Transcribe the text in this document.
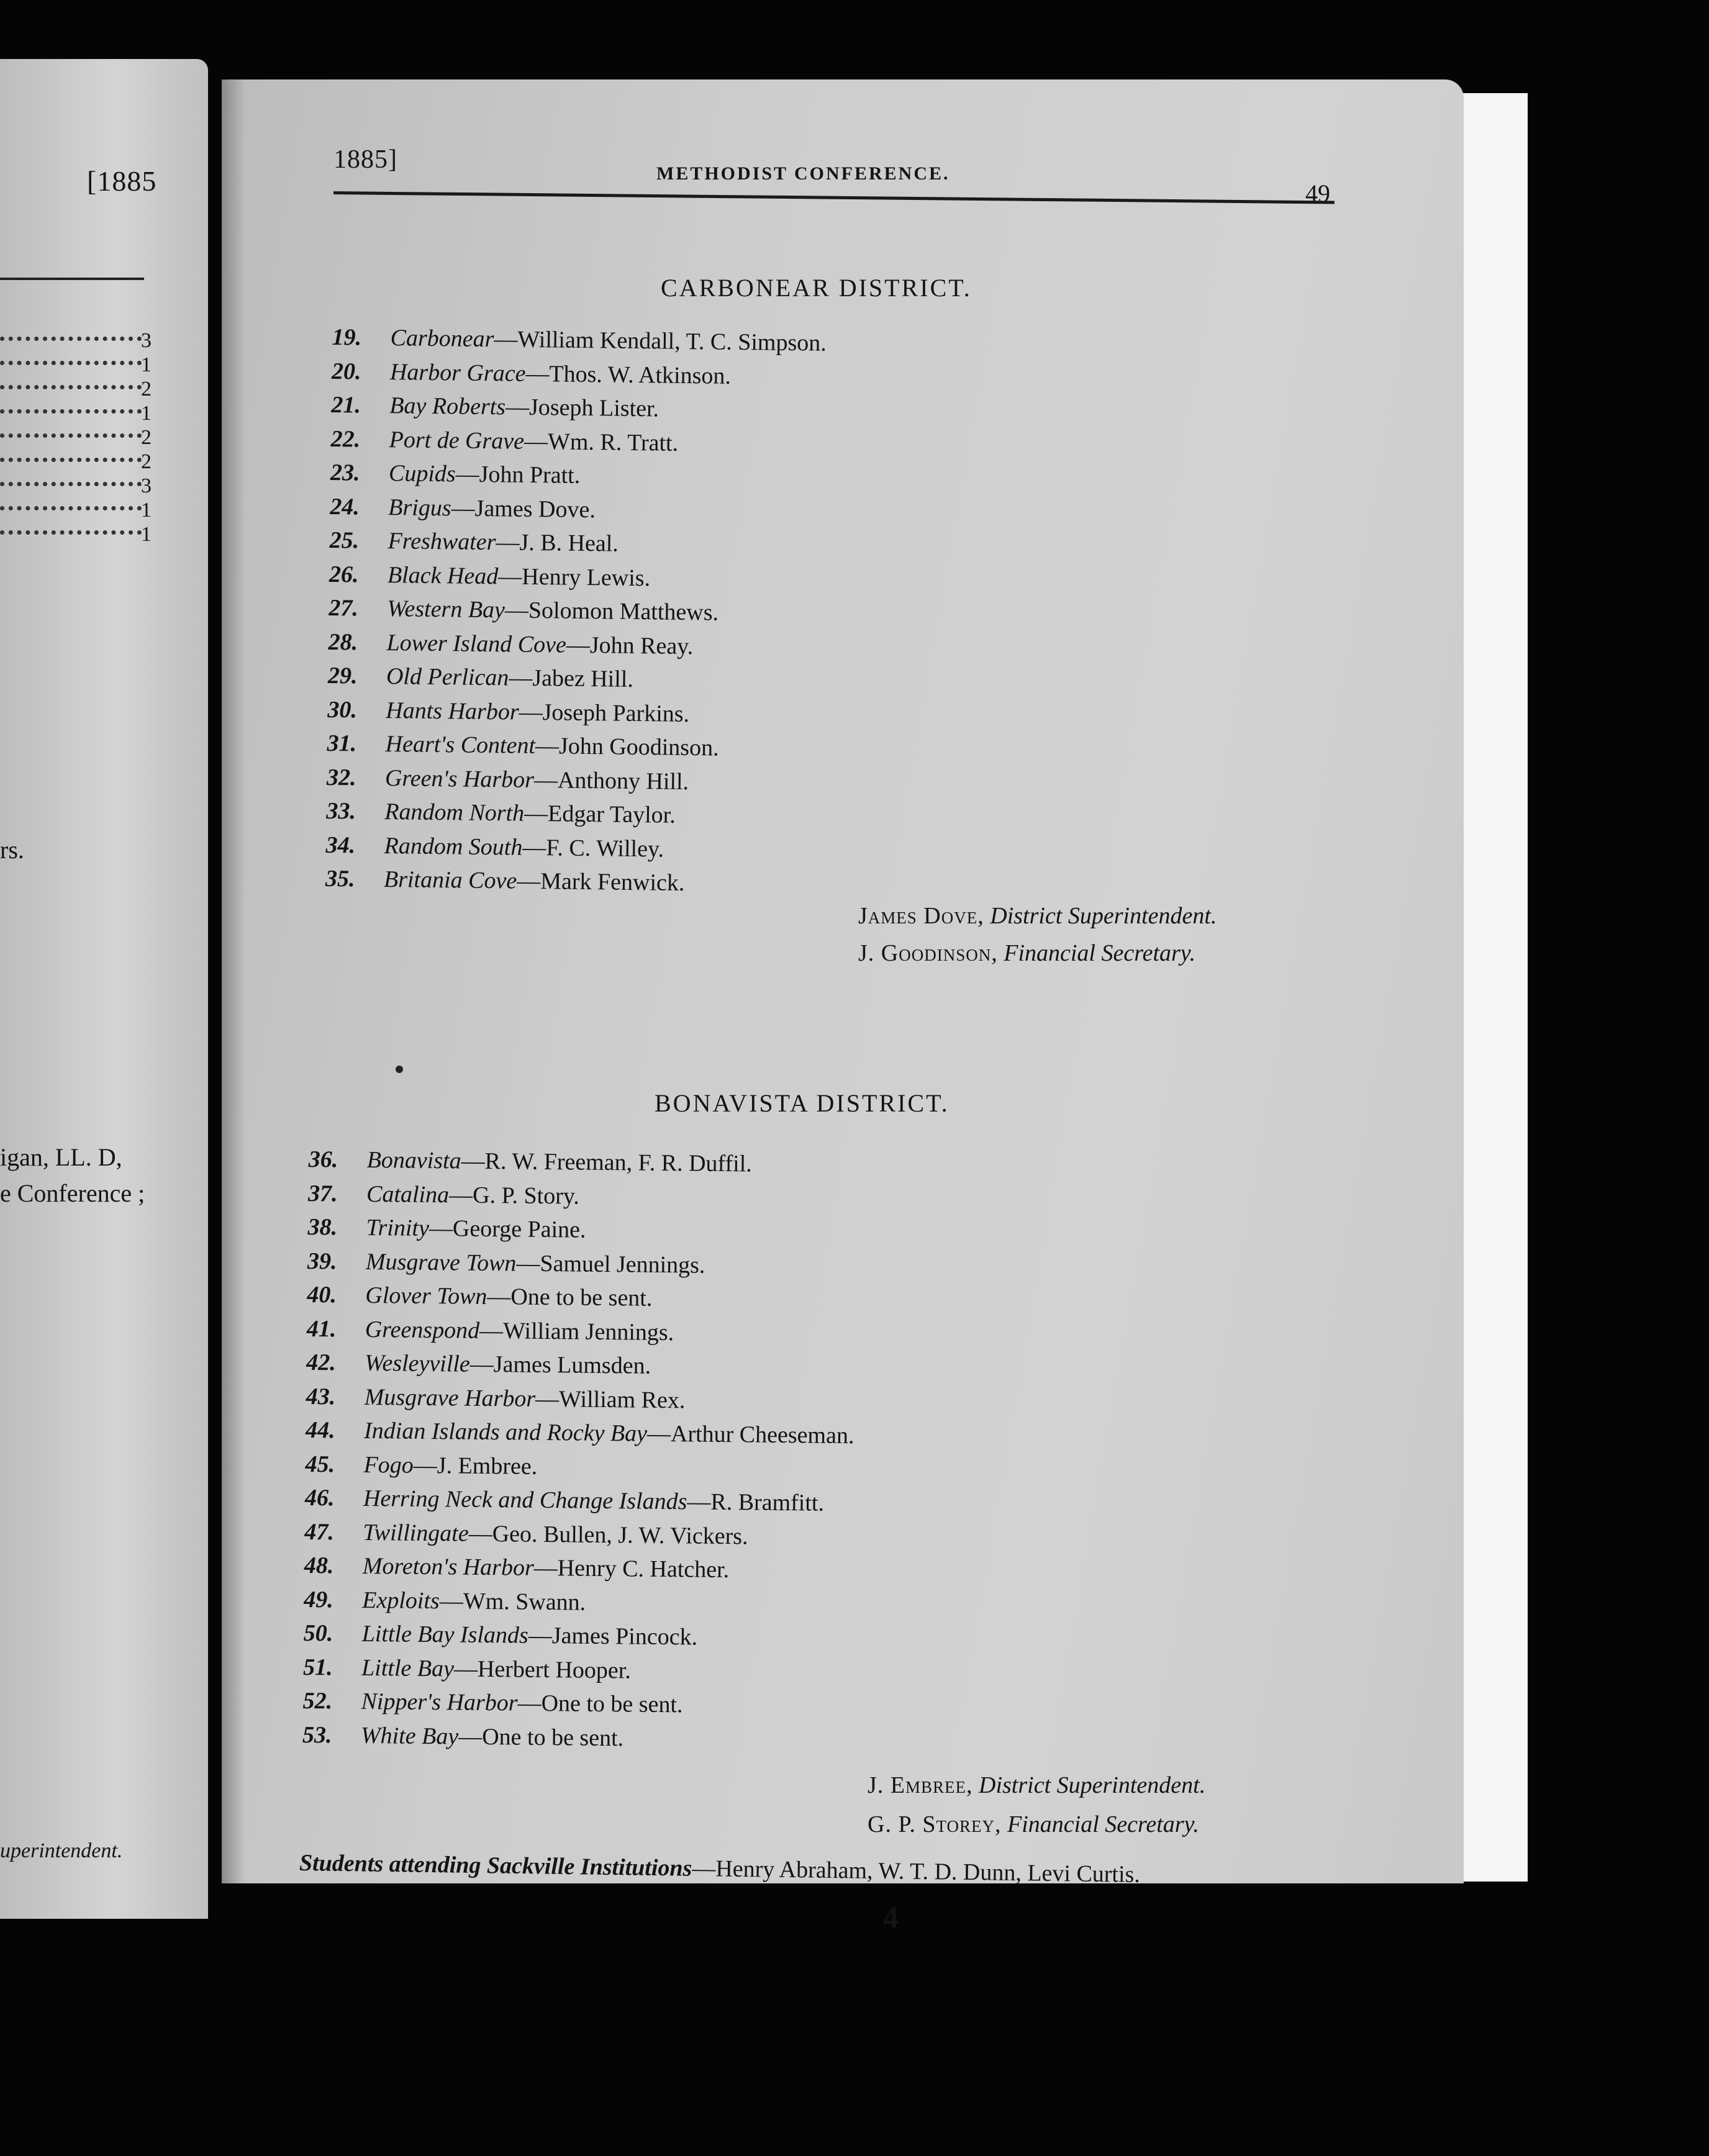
[1885
3
1
2
1
2
2
3
1
1
rs.
igan, LL. D,
e Conference ;
uperintendent.
1885]	METHODIST CONFERENCE.
49
CARBONEAR DISTRICT.
19. Carbonear—William Kendall, T. C. Simpson.
20. Harbor Grace—Thos. W. Atkinson.
21. Bay Roberts—Joseph Lister.
22. Port de Grave—Wm. R. Tratt.
23. Cupids—John Pratt.
24. Brigus—James Dove.
25. Freshwater—J. B. Heal.
26. Black Head—Henry Lewis.
27. Western Bay—Solomon Matthews.
28. Lower Island Cove—John Reay.
29. Old Perlican—Jabez Hill.
30. Hants Harbor—Joseph Parkins.
31. Heart's Content—John Goodinson.
32. Green's Harbor—Anthony Hill.
33. Random North—Edgar Taylor.
34. Random South—F. C. Willey.
35. Britania Cove—Mark Fenwick.
James Dove, District Superintendent.
J. Goodinson, Financial Secretary.
BONAVISTA DISTRICT.
36. Bonavista—R. W. Freeman, F. R. Duffil.
37. Catalina—G. P. Story.
38. Trinity—George Paine.
39. Musgrave Town—Samuel Jennings.
40. Glover Town—One to be sent.
41. Greenspond—William Jennings.
42. Wesleyville—James Lumsden.
43. Musgrave Harbor—William Rex.
44. Indian Islands and Rocky Bay—Arthur Cheeseman.
45. Fogo—J. Embree.
46. Herring Neck and Change Islands—R. Bramfitt.
47. Twillingate—Geo. Bullen, J. W. Vickers.
48. Moreton's Harbor—Henry C. Hatcher.
49. Exploits—Wm. Swann.
50. Little Bay Islands—James Pincock.
51. Little Bay—Herbert Hooper.
52. Nipper's Harbor—One to be sent.
53. White Bay—One to be sent.
J. Embree, District Superintendent.
G. P. Storey, Financial Secretary.
Students attending Sackville Institutions—Henry Abraham, W. T. D. Dunn, Levi Curtis.
4
